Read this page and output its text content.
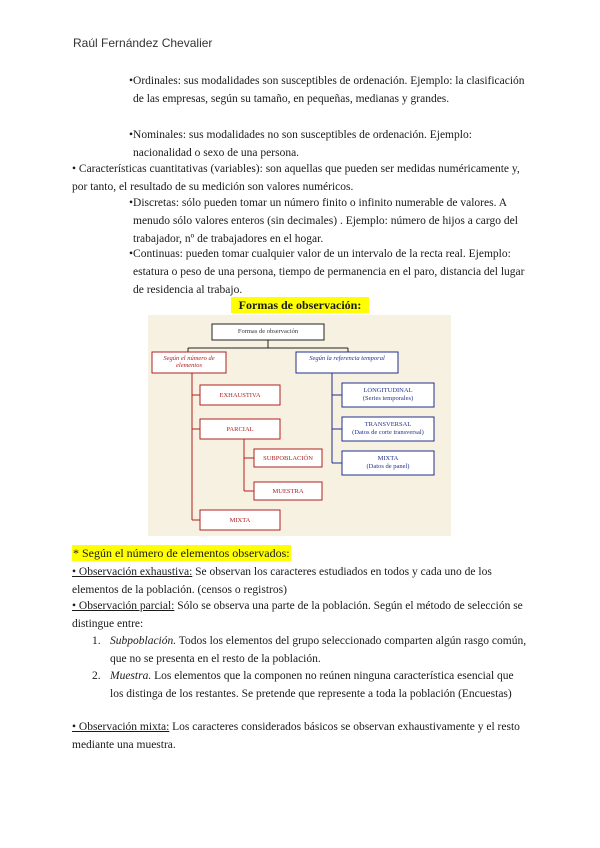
Raúl Fernández Chevalier

•Ordinales: sus modalidades son susceptibles de ordenación. Ejemplo: la clasificación de las empresas, según su tamaño, en pequeñas, medianas y grandes.

•Nominales: sus modalidades no son susceptibles de ordenación. Ejemplo: nacionalidad o sexo de una persona.

• Características cuantitativas (variables): son aquellas que pueden ser medidas numéricamente y, por tanto, el resultado de su medición son valores numéricos.

•Discretas: sólo pueden tomar un número finito o infinito numerable de valores. A menudo sólo valores enteros (sin decimales) . Ejemplo: número de hijos a cargo del trabajador, nº de trabajadores en el hogar.

•Continuas: pueden tomar cualquier valor de un intervalo de la recta real. Ejemplo: estatura o peso de una persona, tiempo de permanencia en el paro, distancia del lugar de residencia al trabajo.

Formas de observación:
Formas de observación
Según el número de elementos
Según la referencia temporal
EXHAUSTIVA
PARCIAL
SUBPOBLACIÓN
MUESTRA
MIXTA
LONGITUDINAL
(Series temporales)
TRANSVERSAL
(Datos de corte transversal)
MIXTA
(Datos de panel)
* Según el número de elementos observados:

• Observación exhaustiva: Se observan los caracteres estudiados en todos y cada uno de los elementos de la población. (censos o registros)

• Observación parcial: Sólo se observa una parte de la población. Según el método de selección se distingue entre:

1. Subpoblación. Todos los elementos del grupo seleccionado comparten algún rasgo común, que no se presenta en el resto de la población.

2. Muestra. Los elementos que la componen no reúnen ninguna característica esencial que los distinga de los restantes. Se pretende que represente a toda la población (Encuestas)

• Observación mixta: Los caracteres considerados básicos se observan exhaustivamente y el resto mediante una muestra.
